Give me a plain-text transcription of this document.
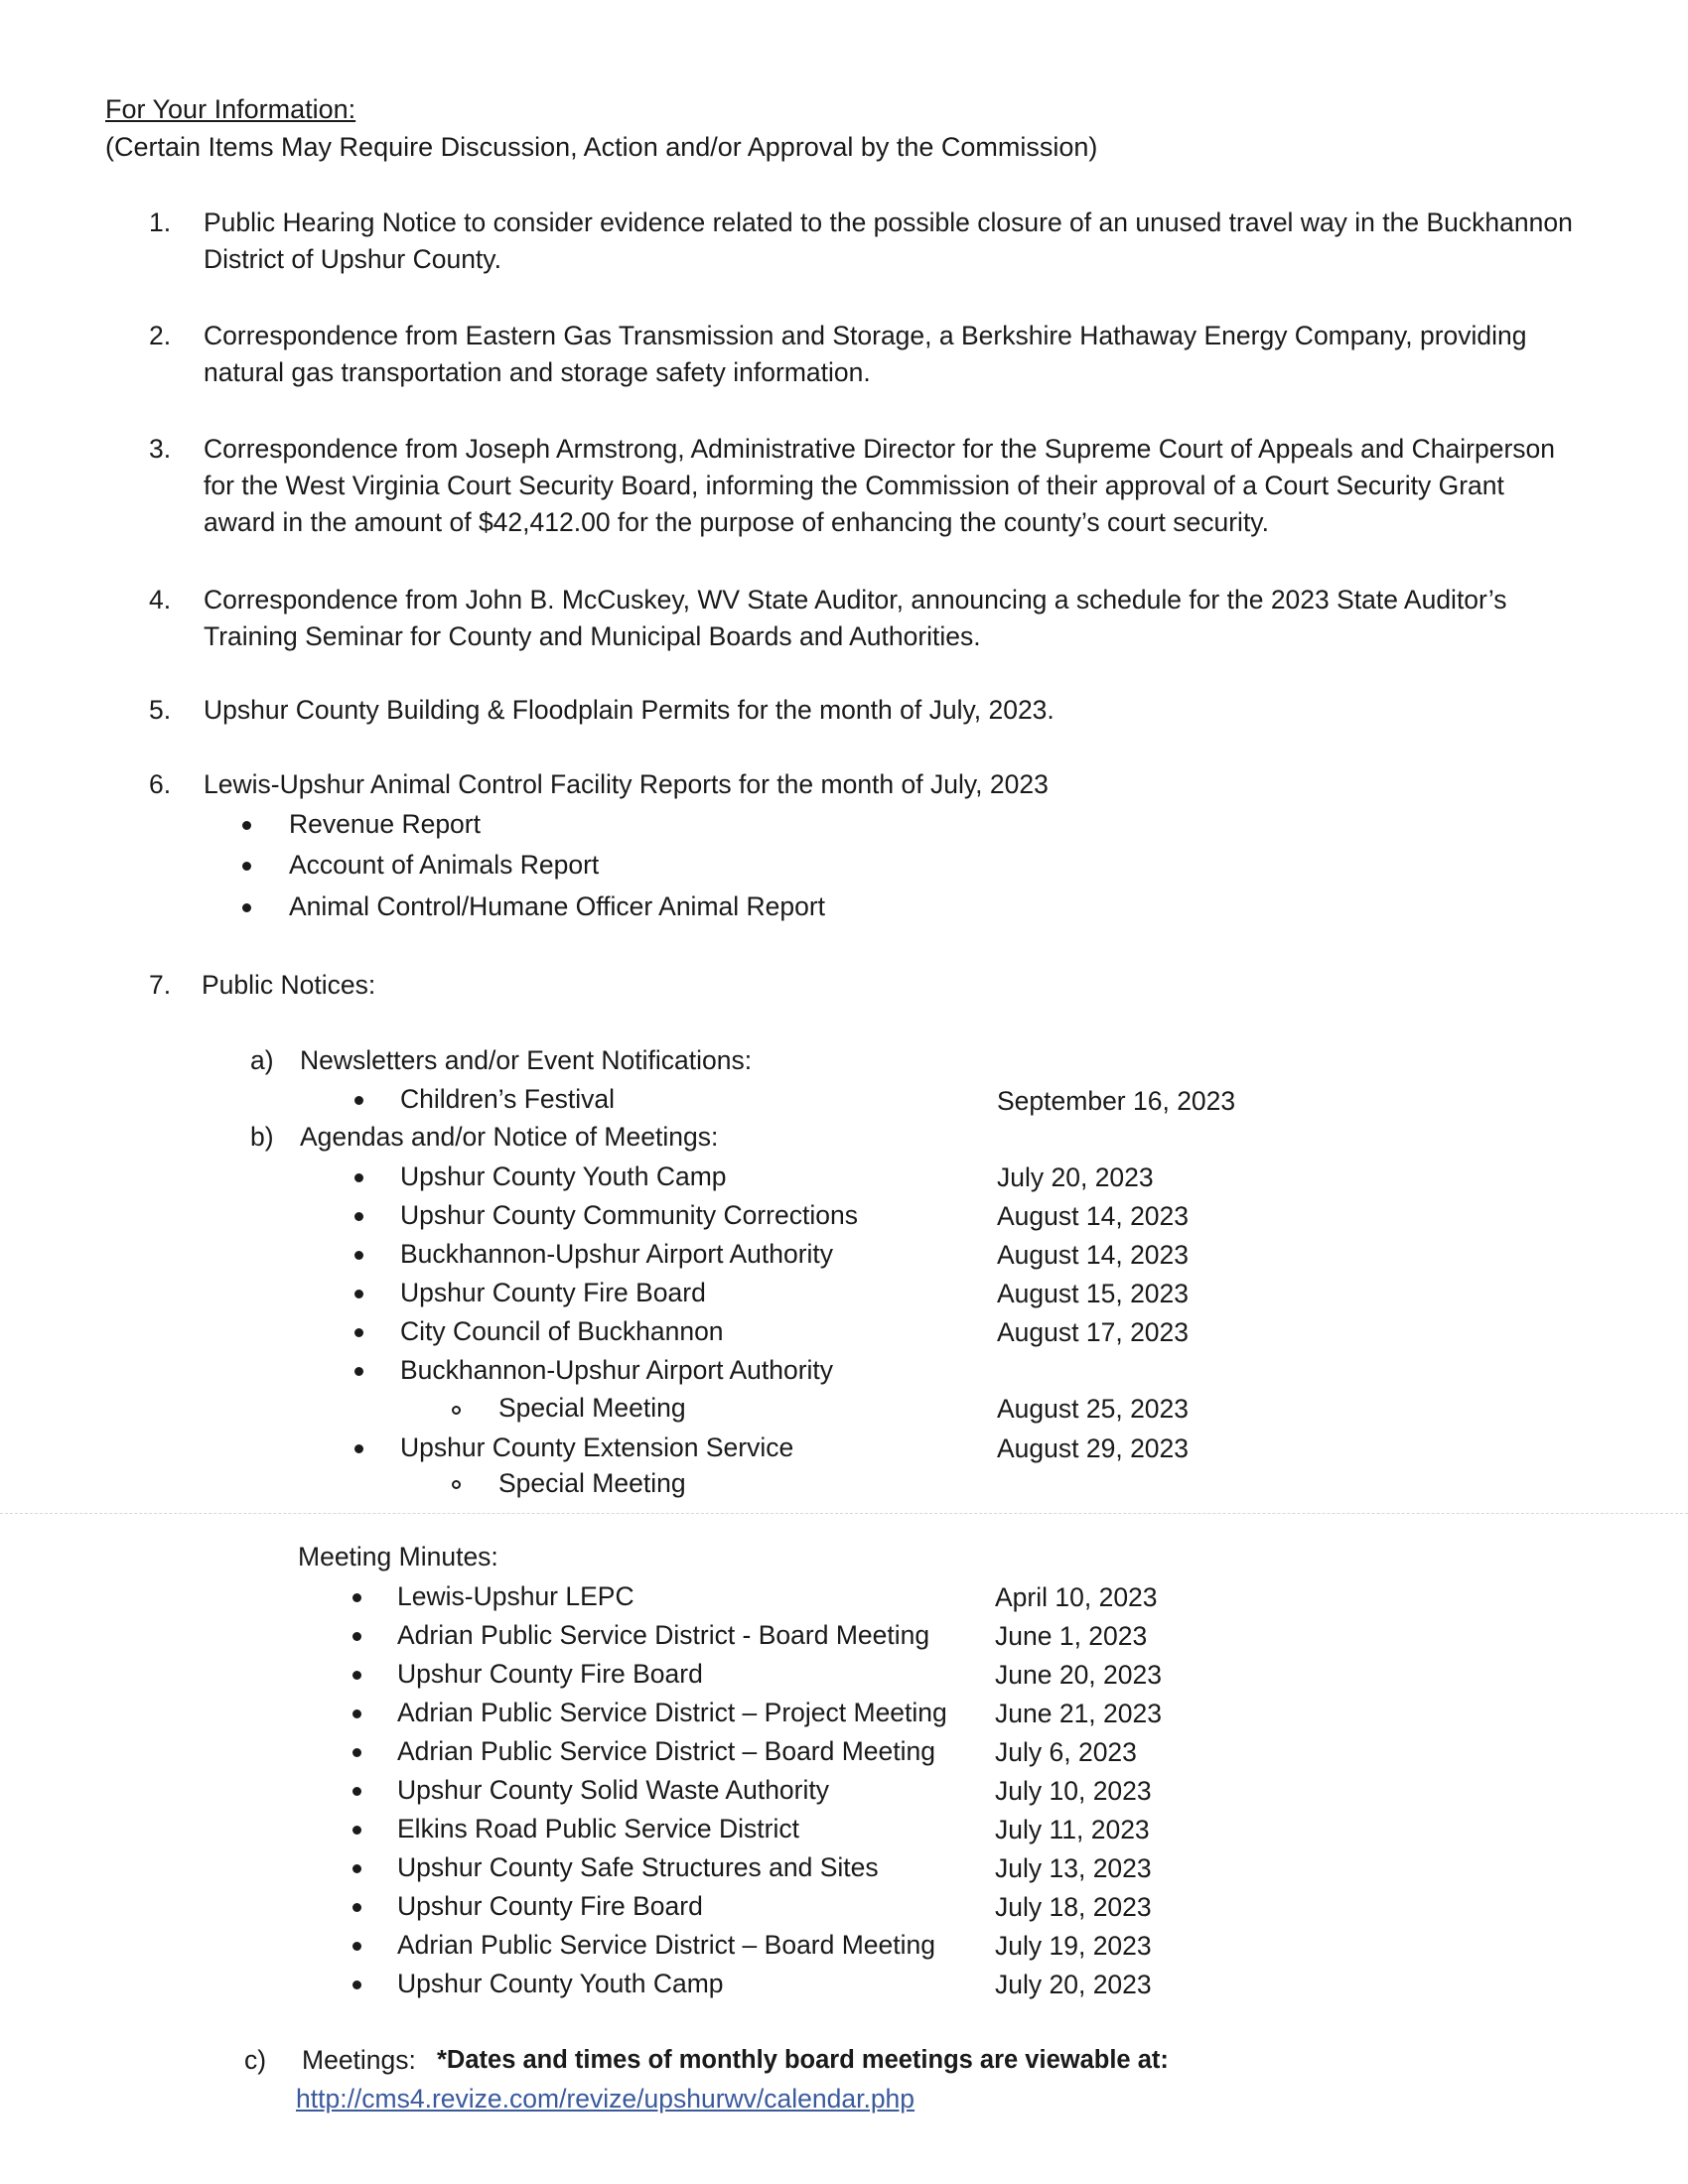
For Your Information:
(Certain Items May Require Discussion, Action and/or Approval by the Commission)
1.	Public Hearing Notice to consider evidence related to the possible closure of an unused travel way in the Buckhannon District of Upshur County.
2.	Correspondence from Eastern Gas Transmission and Storage, a Berkshire Hathaway Energy Company, providing natural gas transportation and storage safety information.
3.	Correspondence from Joseph Armstrong, Administrative Director for the Supreme Court of Appeals and Chairperson for the West Virginia Court Security Board, informing the Commission of their approval of a Court Security Grant award in the amount of $42,412.00 for the purpose of enhancing the county’s court security.
4.	Correspondence from John B. McCuskey, WV State Auditor, announcing a schedule for the 2023 State Auditor’s Training Seminar for County and Municipal Boards and Authorities.
5.	Upshur County Building & Floodplain Permits for the month of July, 2023.
6.	Lewis-Upshur Animal Control Facility Reports for the month of July, 2023
Revenue Report
Account of Animals Report
Animal Control/Humane Officer Animal Report
7.	Public Notices:
a) Newsletters and/or Event Notifications:
Children’s Festival	September 16, 2023
b) Agendas and/or Notice of Meetings:
Upshur County Youth Camp	July 20, 2023
Upshur County Community Corrections	August 14, 2023
Buckhannon-Upshur Airport Authority	August 14, 2023
Upshur County Fire Board	August 15, 2023
City Council of Buckhannon	August 17, 2023
Buckhannon-Upshur Airport Authority
Special Meeting	August 25, 2023
Upshur County Extension Service	August 29, 2023
Special Meeting
Meeting Minutes:
Lewis-Upshur LEPC	April 10, 2023
Adrian Public Service District - Board Meeting June 1, 2023
Upshur County Fire Board	June 20, 2023
Adrian Public Service District – Project Meeting June 21, 2023
Adrian Public Service District – Board Meeting July 6, 2023
Upshur County Solid Waste Authority	July 10, 2023
Elkins Road Public Service District	July 11, 2023
Upshur County Safe Structures and Sites	July 13, 2023
Upshur County Fire Board	July 18, 2023
Adrian Public Service District – Board Meeting July 19, 2023
Upshur County Youth Camp	July 20, 2023
c) Meetings: *Dates and times of monthly board meetings are viewable at:
http://cms4.revize.com/revize/upshurwv/calendar.php
